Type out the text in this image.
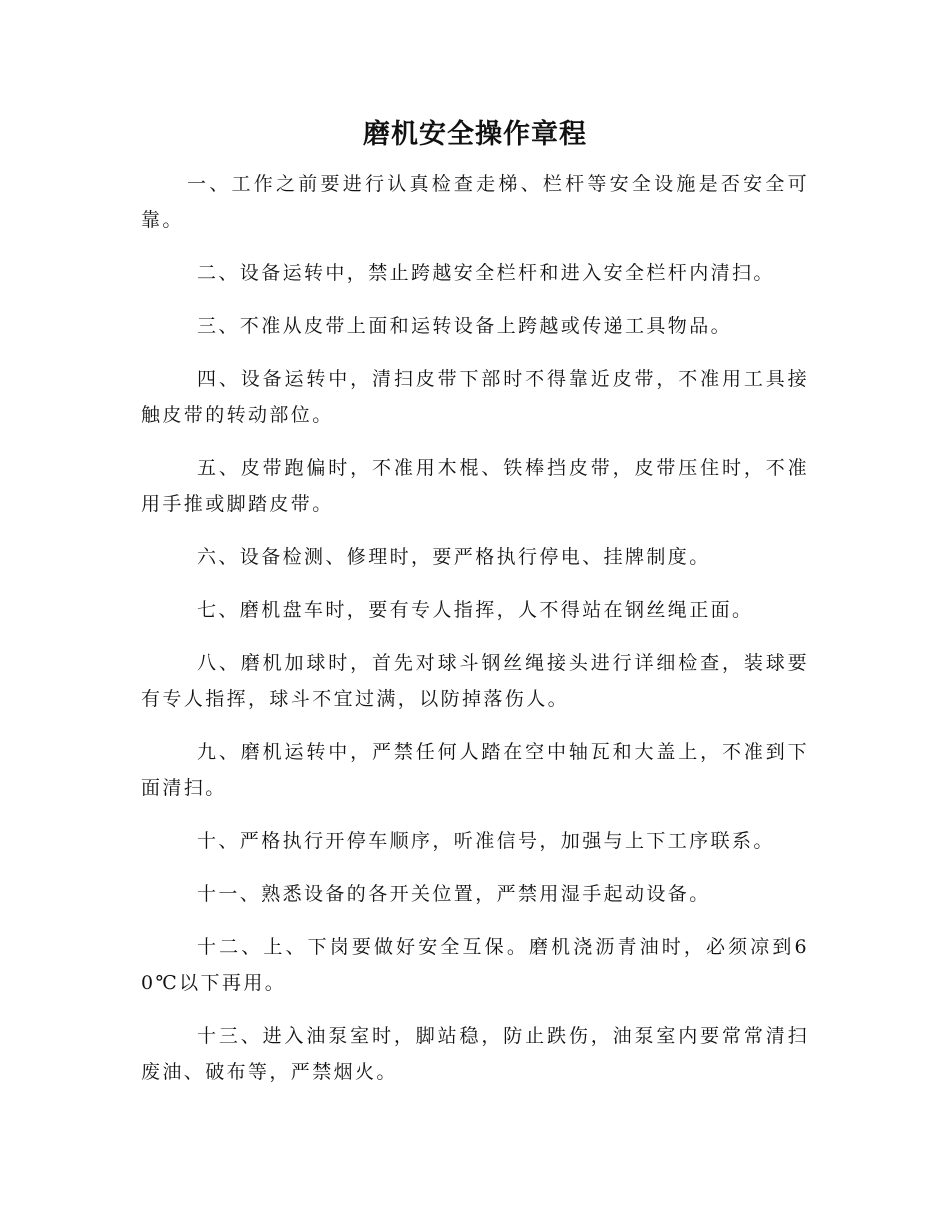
磨机安全操作章程

一、工作之前要进行认真检查走梯、栏杆等安全设施是否安全可靠。

二、设备运转中，禁止跨越安全栏杆和进入安全栏杆内清扫。

三、不准从皮带上面和运转设备上跨越或传递工具物品。

四、设备运转中，清扫皮带下部时不得靠近皮带，不准用工具接触皮带的转动部位。

五、皮带跑偏时，不准用木棍、铁棒挡皮带，皮带压住时，不准用手推或脚踏皮带。

六、设备检测、修理时，要严格执行停电、挂牌制度。

七、磨机盘车时，要有专人指挥，人不得站在钢丝绳正面。

八、磨机加球时，首先对球斗钢丝绳接头进行详细检查，装球要有专人指挥，球斗不宜过满，以防掉落伤人。

九、磨机运转中，严禁任何人踏在空中轴瓦和大盖上，不准到下面清扫。

十、严格执行开停车顺序，听准信号，加强与上下工序联系。

十一、熟悉设备的各开关位置，严禁用湿手起动设备。

十二、上、下岗要做好安全互保。磨机浇沥青油时，必须凉到60℃以下再用。

十三、进入油泵室时，脚站稳，防止跌伤，油泵室内要常常清扫废油、破布等，严禁烟火。
